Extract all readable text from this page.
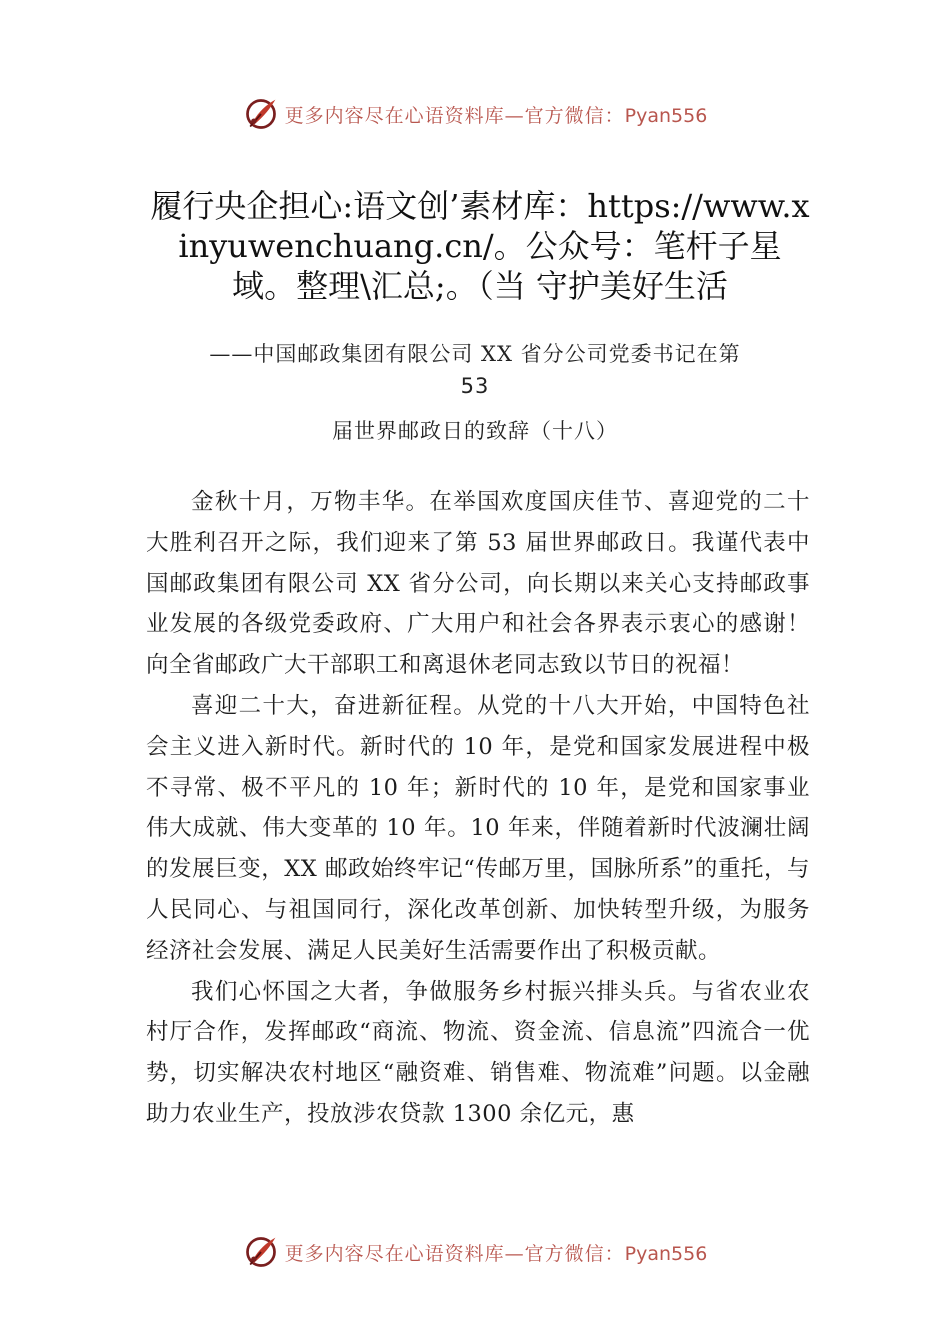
更多内容尽在心语资料库—官方微信：Pyan556
履行央企担心:语文创’素材库：https://www.xinyuwenchuang.cn/。公众号：笔杆子星域。整理\汇总;。（当 守护美好生活
——中国邮政集团有限公司 XX 省分公司党委书记在第
53
届世界邮政日的致辞（十八）

金秋十月，万物丰华。在举国欢度国庆佳节、喜迎党的二十大胜利召开之际，我们迎来了第 53 届世界邮政日。我谨代表中国邮政集团有限公司 XX 省分公司，向长期以来关心支持邮政事业发展的各级党委政府、广大用户和社会各界表示衷心的感谢！向全省邮政广大干部职工和离退休老同志致以节日的祝福！

喜迎二十大，奋进新征程。从党的十八大开始，中国特色社会主义进入新时代。新时代的 10 年，是党和国家发展进程中极不寻常、极不平凡的 10 年；新时代的 10 年，是党和国家事业伟大成就、伟大变革的 10 年。10 年来，伴随着新时代波澜壮阔的发展巨变，XX 邮政始终牢记“传邮万里，国脉所系”的重托，与人民同心、与祖国同行，深化改革创新、加快转型升级，为服务经济社会发展、满足人民美好生活需要作出了积极贡献。

我们心怀国之大者，争做服务乡村振兴排头兵。与省农业农村厅合作，发挥邮政“商流、物流、资金流、信息流”四流合一优势，切实解决农村地区“融资难、销售难、物流难”问题。以金融助力农业生产，投放涉农贷款 1300 余亿元，惠

更多内容尽在心语资料库—官方微信：Pyan556
